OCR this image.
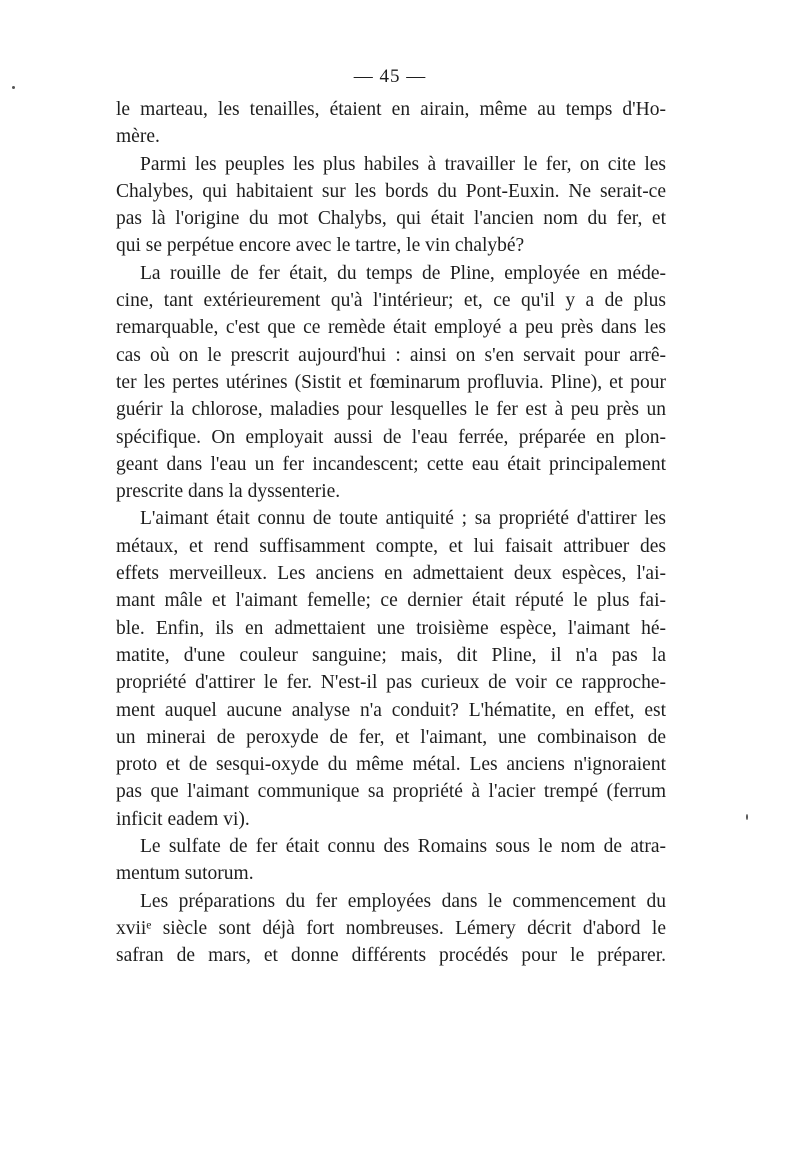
— 45 —
le marteau, les tenailles, étaient en airain, même au temps d'Ho-
mère.
Parmi les peuples les plus habiles à travailler le fer, on cite les
Chalybes, qui habitaient sur les bords du Pont-Euxin. Ne serait-ce
pas là l'origine du mot Chalybs, qui était l'ancien nom du fer, et
qui se perpétue encore avec le tartre, le vin chalybé?
La rouille de fer était, du temps de Pline, employée en méde-
cine, tant extérieurement qu'à l'intérieur; et, ce qu'il y a de plus
remarquable, c'est que ce remède était employé a peu près dans les
cas où on le prescrit aujourd'hui : ainsi on s'en servait pour arrê-
ter les pertes utérines (Sistit et fœminarum profluvia. Pline), et pour
guérir la chlorose, maladies pour lesquelles le fer est à peu près un
spécifique. On employait aussi de l'eau ferrée, préparée en plon-
geant dans l'eau un fer incandescent; cette eau était principalement
prescrite dans la dyssenterie.
L'aimant était connu de toute antiquité ; sa propriété d'attirer les
métaux, et rend suffisamment compte, et lui faisait attribuer des
effets merveilleux. Les anciens en admettaient deux espèces, l'ai-
mant mâle et l'aimant femelle; ce dernier était réputé le plus fai-
ble. Enfin, ils en admettaient une troisième espèce, l'aimant hé-
matite, d'une couleur sanguine; mais, dit Pline, il n'a pas la
propriété d'attirer le fer. N'est-il pas curieux de voir ce rapproche-
ment auquel aucune analyse n'a conduit? L'hématite, en effet, est
un minerai de peroxyde de fer, et l'aimant, une combinaison de
proto et de sesqui-oxyde du même métal. Les anciens n'ignoraient
pas que l'aimant communique sa propriété à l'acier trempé (ferrum
inficit eadem vi).
Le sulfate de fer était connu des Romains sous le nom de atra-
mentum sutorum.
Les préparations du fer employées dans le commencement du
xviiᵉ siècle sont déjà fort nombreuses. Lémery décrit d'abord le
safran de mars, et donne différents procédés pour le préparer.
